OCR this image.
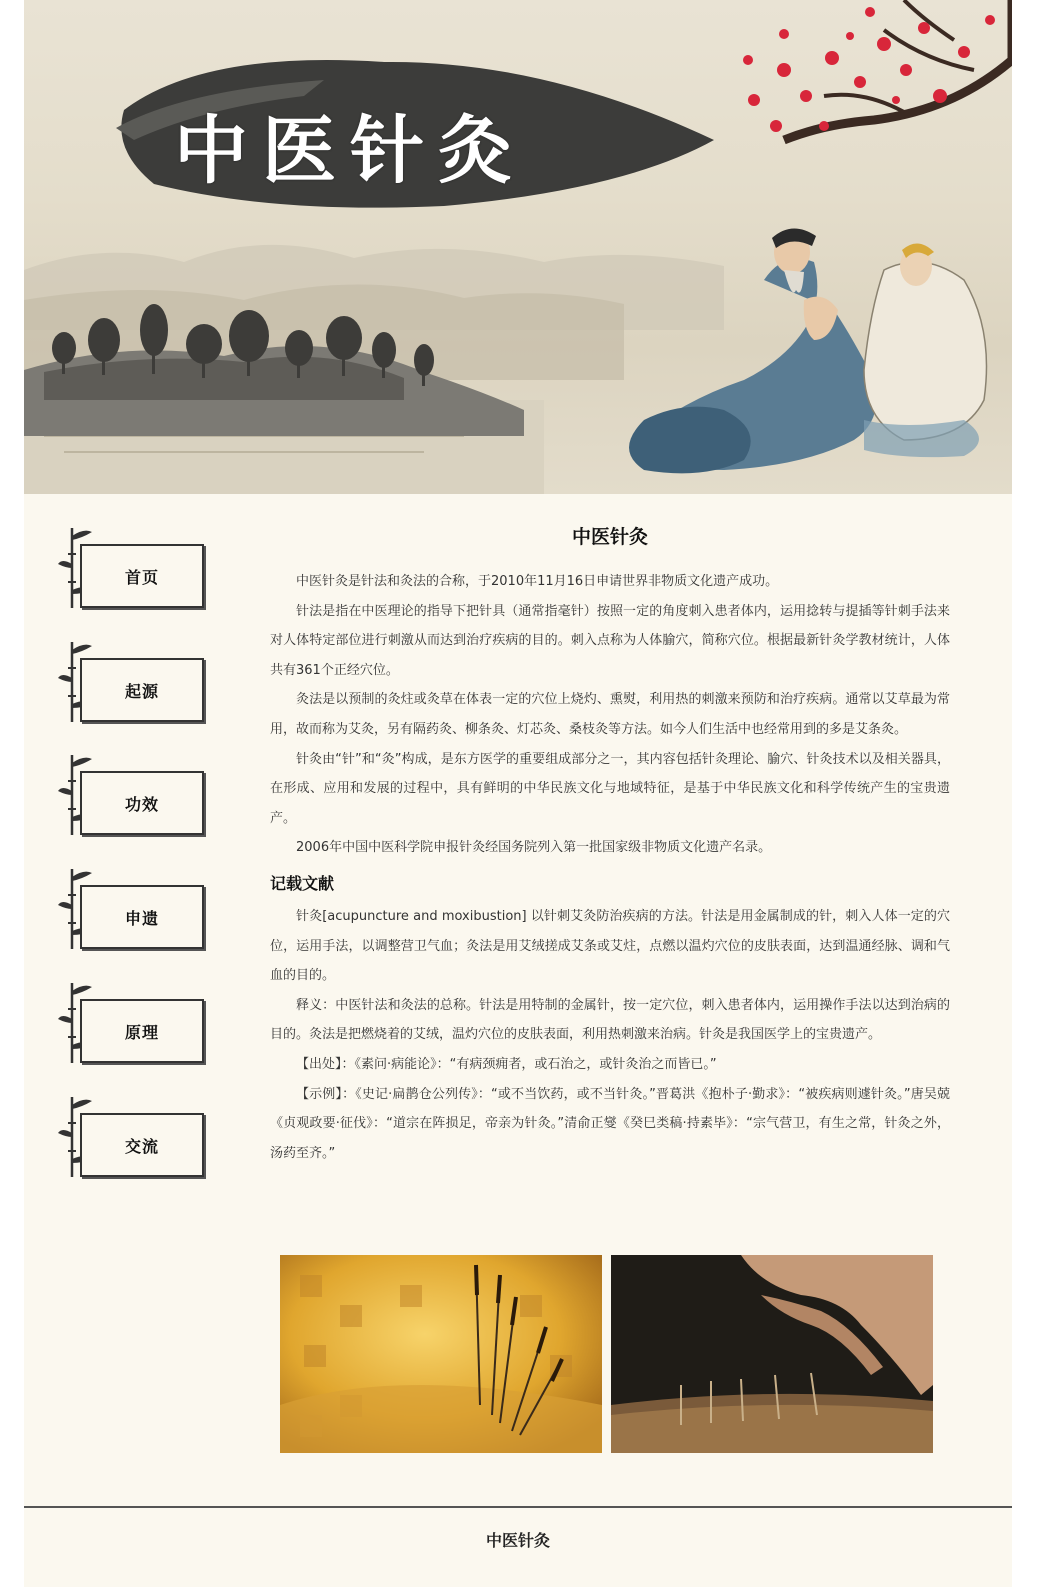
中医针灸
首页
起源
功效
申遗
原理
交流
中医针灸

中医针灸是针法和灸法的合称，于2010年11月16日申请世界非物质文化遗产成功。

针法是指在中医理论的指导下把针具（通常指毫针）按照一定的角度刺入患者体内，运用捻转与提插等针刺手法来对人体特定部位进行刺激从而达到治疗疾病的目的。刺入点称为人体腧穴，简称穴位。根据最新针灸学教材统计，人体共有361个正经穴位。

灸法是以预制的灸炷或灸草在体表一定的穴位上烧灼、熏熨，利用热的刺激来预防和治疗疾病。通常以艾草最为常用，故而称为艾灸，另有隔药灸、柳条灸、灯芯灸、桑枝灸等方法。如今人们生活中也经常用到的多是艾条灸。

针灸由“针”和“灸”构成，是东方医学的重要组成部分之一，其内容包括针灸理论、腧穴、针灸技术以及相关器具，在形成、应用和发展的过程中，具有鲜明的中华民族文化与地域特征，是基于中华民族文化和科学传统产生的宝贵遗产。

2006年中国中医科学院申报针灸经国务院列入第一批国家级非物质文化遗产名录。

记载文献

针灸[acupuncture and moxibustion] 以针刺艾灸防治疾病的方法。针法是用金属制成的针，刺入人体一定的穴位，运用手法，以调整营卫气血；灸法是用艾绒搓成艾条或艾炷，点燃以温灼穴位的皮肤表面，达到温通经脉、调和气血的目的。

释义：中医针法和灸法的总称。针法是用特制的金属针，按一定穴位，刺入患者体内，运用操作手法以达到治病的目的。灸法是把燃烧着的艾绒，温灼穴位的皮肤表面，利用热刺激来治病。针灸是我国医学上的宝贵遗产。

【出处】：《素问·病能论》：“有病颈痈者，或石治之，或针灸治之而皆已。”

【示例】：《史记·扁鹊仓公列传》：“或不当饮药，或不当针灸。”晋葛洪《抱朴子·勤求》：“被疾病则遽针灸。”唐吴兢《贞观政要·征伐》：“道宗在阵损足，帝亲为针灸。”清俞正燮《癸巳类稿·持素毕》：“宗气营卫，有生之常，针灸之外，汤药至齐。”

中医针灸
